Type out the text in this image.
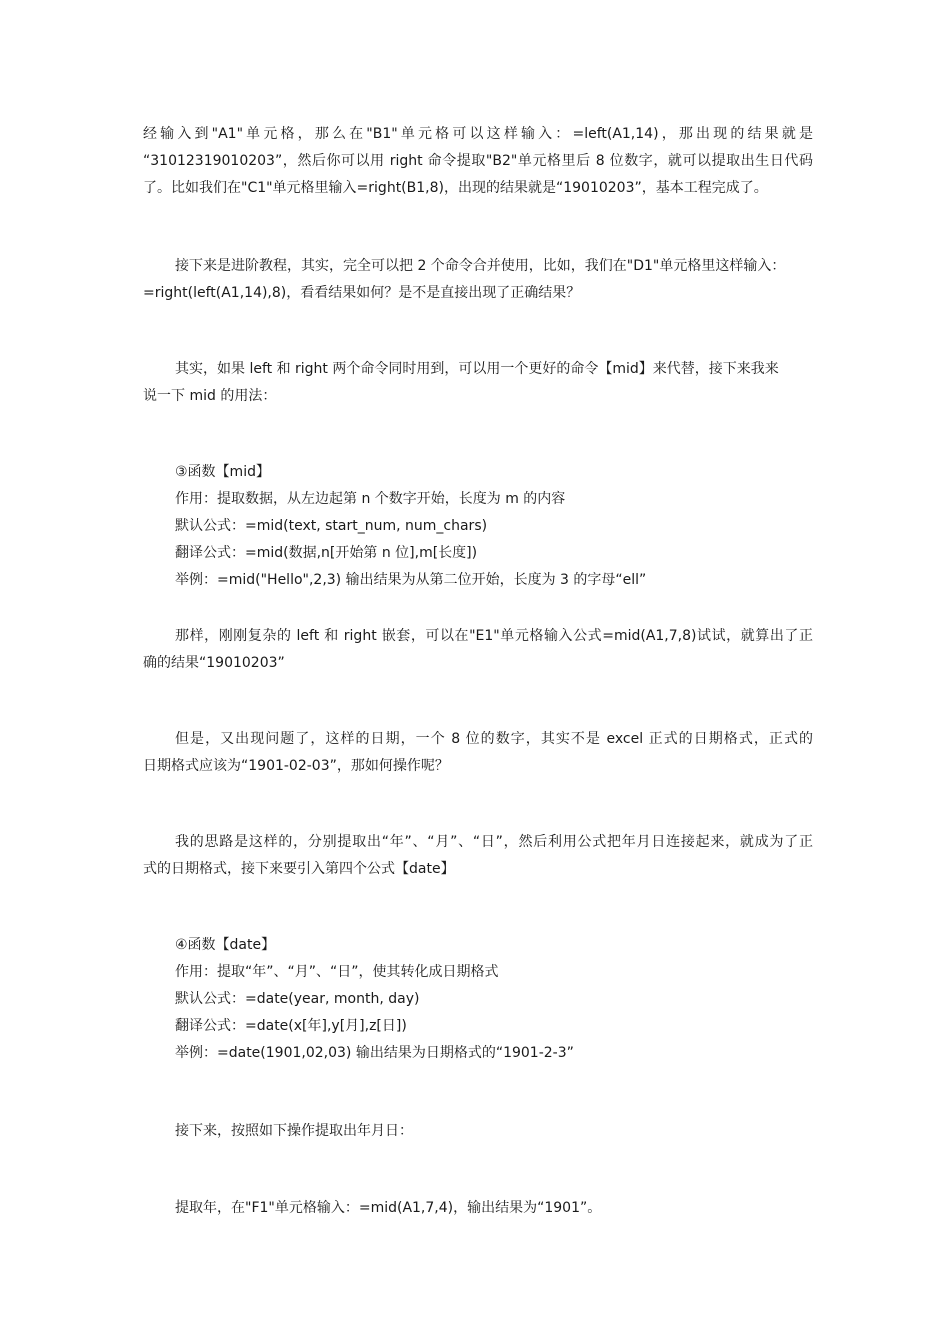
经输入到"A1"单元格，那么在"B1"单元格可以这样输入：=left(A1,14)，那出现的结果就是
“31012319010203”，然后你可以用 right 命令提取"B2"单元格里后 8 位数字，就可以提取出生日代码
了。比如我们在"C1"单元格里输入=right(B1,8)，出现的结果就是“19010203”，基本工程完成了。
接下来是进阶教程，其实，完全可以把 2 个命令合并使用，比如，我们在"D1"单元格里这样输入：
=right(left(A1,14),8)，看看结果如何？是不是直接出现了正确结果？
其实，如果 left 和 right 两个命令同时用到，可以用一个更好的命令【mid】来代替，接下来我来
说一下 mid 的用法：
③函数【mid】
作用：提取数据，从左边起第 n 个数字开始，长度为 m 的内容
默认公式：=mid(text, start_num, num_chars)
翻译公式：=mid(数据,n[开始第 n 位],m[长度])
举例：=mid("Hello",2,3) 输出结果为从第二位开始，长度为 3 的字母“ell”
那样，刚刚复杂的 left 和 right 嵌套，可以在"E1"单元格输入公式=mid(A1,7,8)试试，就算出了正
确的结果“19010203”
但是，又出现问题了，这样的日期，一个 8 位的数字，其实不是 excel 正式的日期格式，正式的
日期格式应该为“1901-02-03”，那如何操作呢？
我的思路是这样的，分别提取出“年”、“月”、“日”，然后利用公式把年月日连接起来，就成为了正
式的日期格式，接下来要引入第四个公式【date】
④函数【date】
作用：提取“年”、“月”、“日”，使其转化成日期格式
默认公式：=date(year, month, day)
翻译公式：=date(x[年],y[月],z[日])
举例：=date(1901,02,03) 输出结果为日期格式的“1901-2-3”
接下来，按照如下操作提取出年月日：
提取年，在"F1"单元格输入：=mid(A1,7,4)，输出结果为“1901”。
